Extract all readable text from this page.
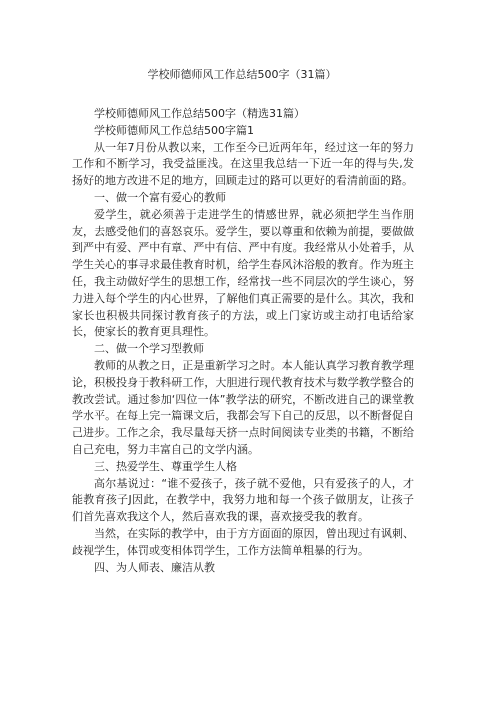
学校师德师风工作总结500字（31篇）

学校师德师风工作总结500字（精选31篇）

学校师德师风工作总结500字篇1

从一年7月份从教以来，工作至今已近两年年，经过这一年的努力工作和不断学习，我受益匪浅。在这里我总结一下近一年的得与失,发扬好的地方改进不足的地方，回顾走过的路可以更好的看清前面的路。

一、做一个富有爱心的教师

爱学生，就必须善于走进学生的情感世界，就必须把学生当作朋友，去感受他们的喜怒哀乐。爱学生，要以尊重和依赖为前提，要做做到严中有爱、严中有章、严中有信、严中有度。我经常从小处着手，从学生关心的事寻求最佳教育时机，给学生春风沐浴般的教育。作为班主任，我主动做好学生的思想工作，经常找一些不同层次的学生谈心，努力进入每个学生的内心世界，了解他们真正需要的是什么。其次，我和家长也积极共同探讨教育孩子的方法，或上门家访或主动打电话给家长，使家长的教育更具理性。

二、做一个学习型教师

教师的从教之日，正是重新学习之时。本人能认真学习教育教学理论，积极投身于教科研工作，大胆进行现代教育技术与数学教学整合的教改尝试。通过参加‘四位一体”教学法的研究，不断改进自己的课堂教学水平。在每上完一篇课文后，我都会写下自己的反思，以不断督促自己进步。工作之余，我尽量每天挤一点时间阅读专业类的书籍，不断给自己充电，努力丰富自己的文学内涵。

三、热爱学生、尊重学生人格

高尔基说过：“谁不爱孩子，孩子就不爱他，只有爱孩子的人，才能教育孩子J因此，在教学中，我努力地和每一个孩子做朋友，让孩子们首先喜欢我这个人，然后喜欢我的课，喜欢接受我的教育。

当然，在实际的教学中，由于方方面面的原因，曾出现过有讽刺、歧视学生，体罚或变相体罚学生，工作方法简单粗暴的行为。

四、为人师表、廉洁从教
